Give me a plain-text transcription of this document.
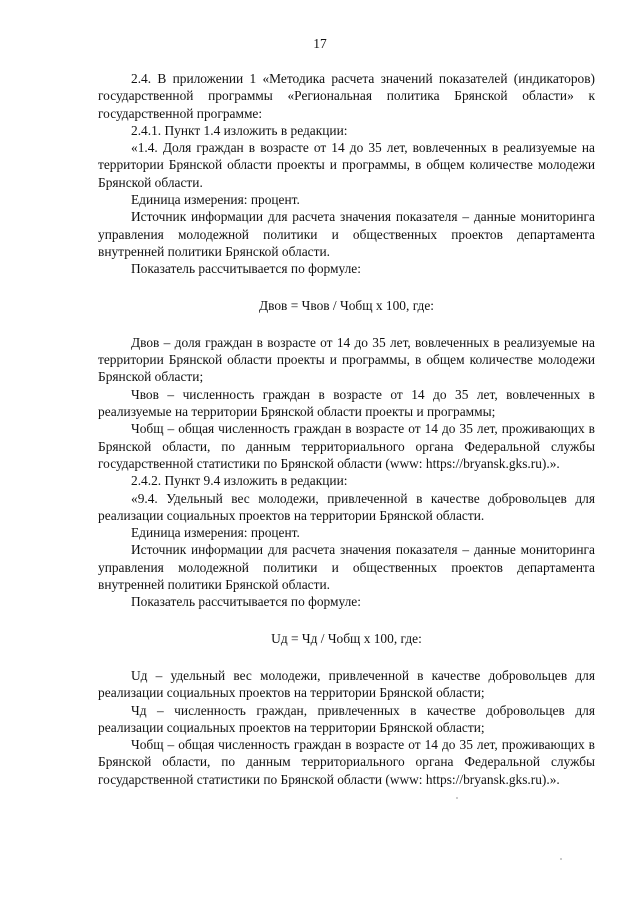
17

2.4. В приложении 1 «Методика расчета значений показателей (индикаторов) государственной программы «Региональная политика Брянской области» к государственной программе:

2.4.1. Пункт 1.4 изложить в редакции:

«1.4. Доля граждан в возрасте от 14 до 35 лет, вовлеченных в реализуемые на территории Брянской области проекты и программы, в общем количестве молодежи Брянской области.

Единица измерения: процент.

Источник информации для расчета значения показателя – данные мониторинга управления молодежной политики и общественных проектов департамента внутренней политики Брянской области.

Показатель рассчитывается по формуле:

Двов = Чвов / Чобщ x 100, где:

Двов – доля граждан в возрасте от 14 до 35 лет, вовлеченных в реализуемые на территории Брянской области проекты и программы, в общем количестве молодежи Брянской области;

Чвов – численность граждан в возрасте от 14 до 35 лет, вовлеченных в реализуемые на территории Брянской области проекты и программы;

Чобщ – общая численность граждан в возрасте от 14 до 35 лет, проживающих в Брянской области, по данным территориального органа Федеральной службы государственной статистики по Брянской области (www: https://bryansk.gks.ru).».

2.4.2. Пункт 9.4 изложить в редакции:

«9.4. Удельный вес молодежи, привлеченной в качестве добровольцев для реализации социальных проектов на территории Брянской области.

Единица измерения: процент.

Источник информации для расчета значения показателя – данные мониторинга управления молодежной политики и общественных проектов департамента внутренней политики Брянской области.

Показатель рассчитывается по формуле:

Uд = Чд / Чобщ x 100, где:

Uд – удельный вес молодежи, привлеченной в качестве добровольцев для реализации социальных проектов на территории Брянской области;

Чд – численность граждан, привлеченных в качестве добровольцев для реализации социальных проектов на территории Брянской области;

Чобщ – общая численность граждан в возрасте от 14 до 35 лет, проживающих в Брянской области, по данным территориального органа Федеральной службы государственной статистики по Брянской области (www: https://bryansk.gks.ru).».
